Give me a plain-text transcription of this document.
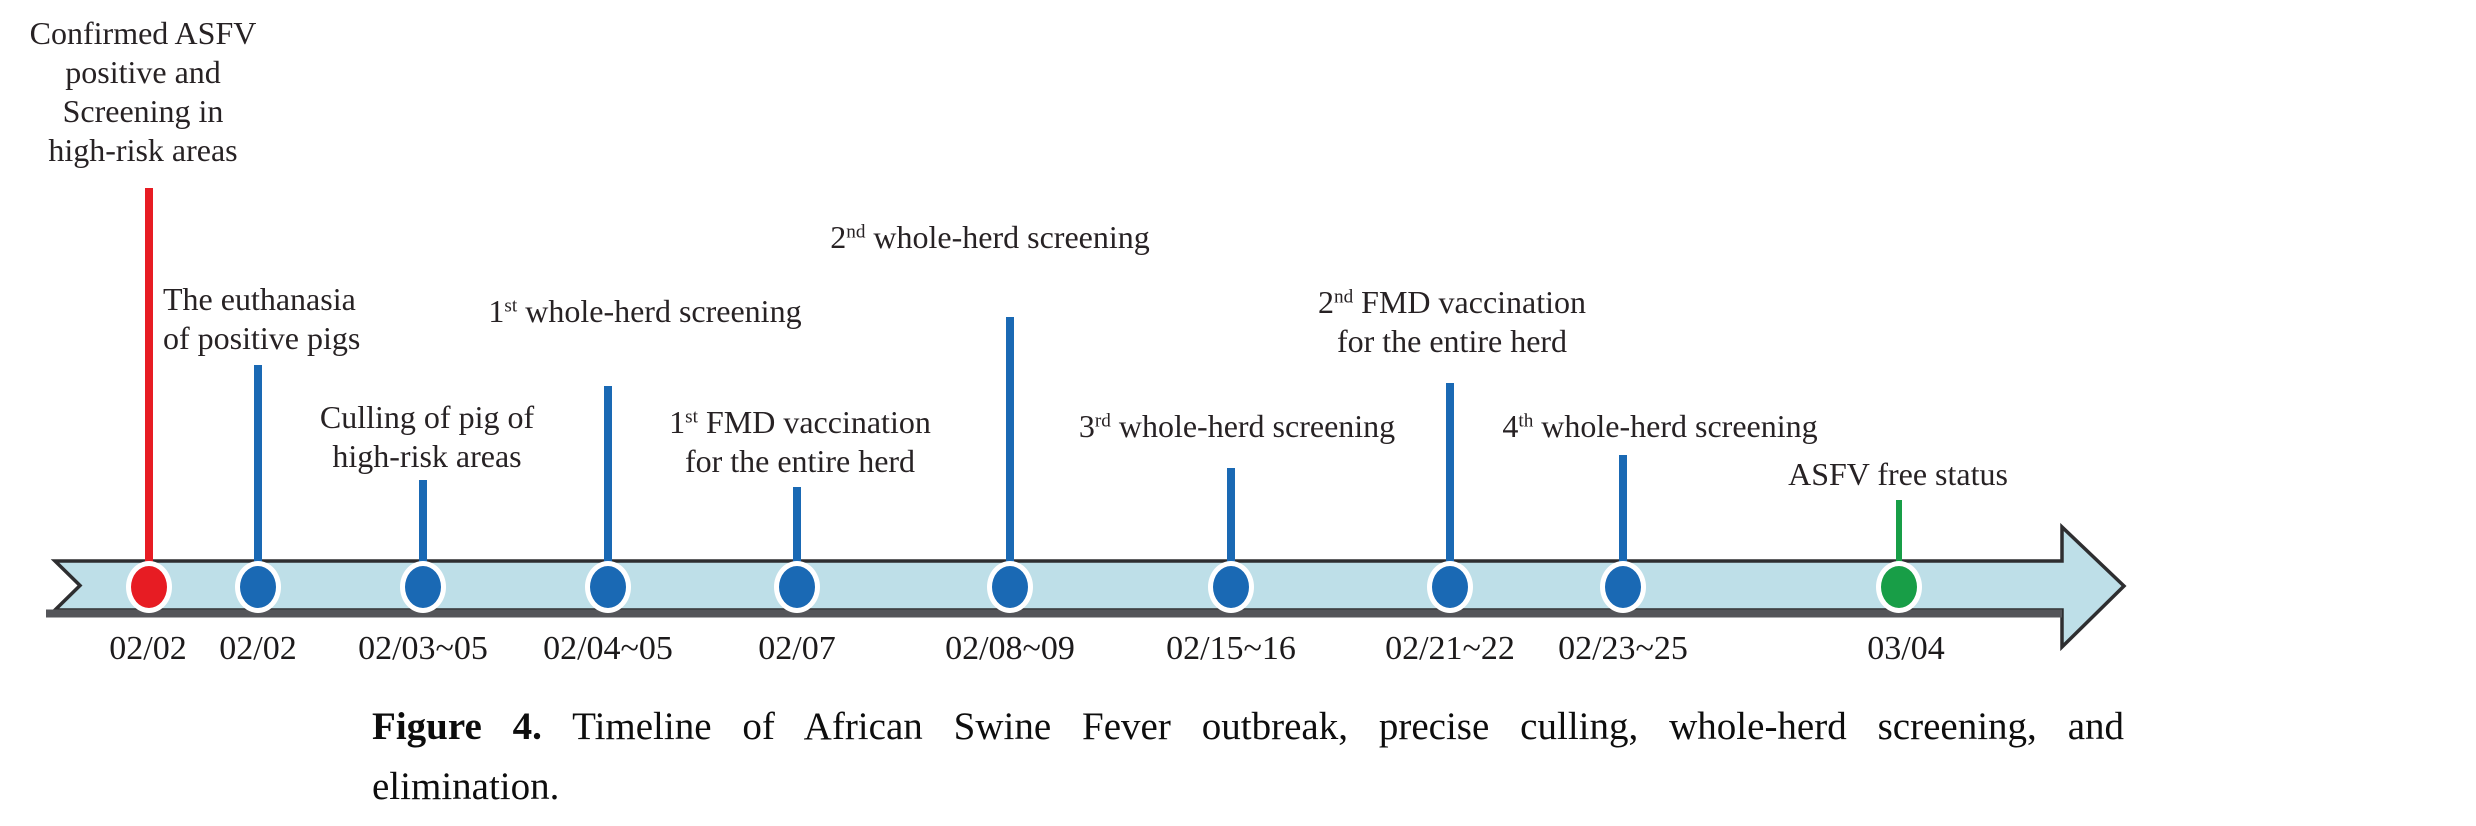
Confirmed ASFV
positive and
Screening in
high-risk areas
02/02
The euthanasia
of positive pigs
02/02
Culling of pig of
high-risk areas
02/03~05
1st whole-herd screening
02/04~05
1st FMD vaccination
for the entire herd
02/07
2nd whole-herd screening
02/08~09
3rd whole-herd screening
02/15~16
2nd FMD vaccination
for the entire herd
02/21~22
4th whole-herd screening
02/23~25
ASFV free status
03/04
Figure 4. Timeline of African Swine Fever outbreak, precise culling, whole-herd screening, and
elimination.
